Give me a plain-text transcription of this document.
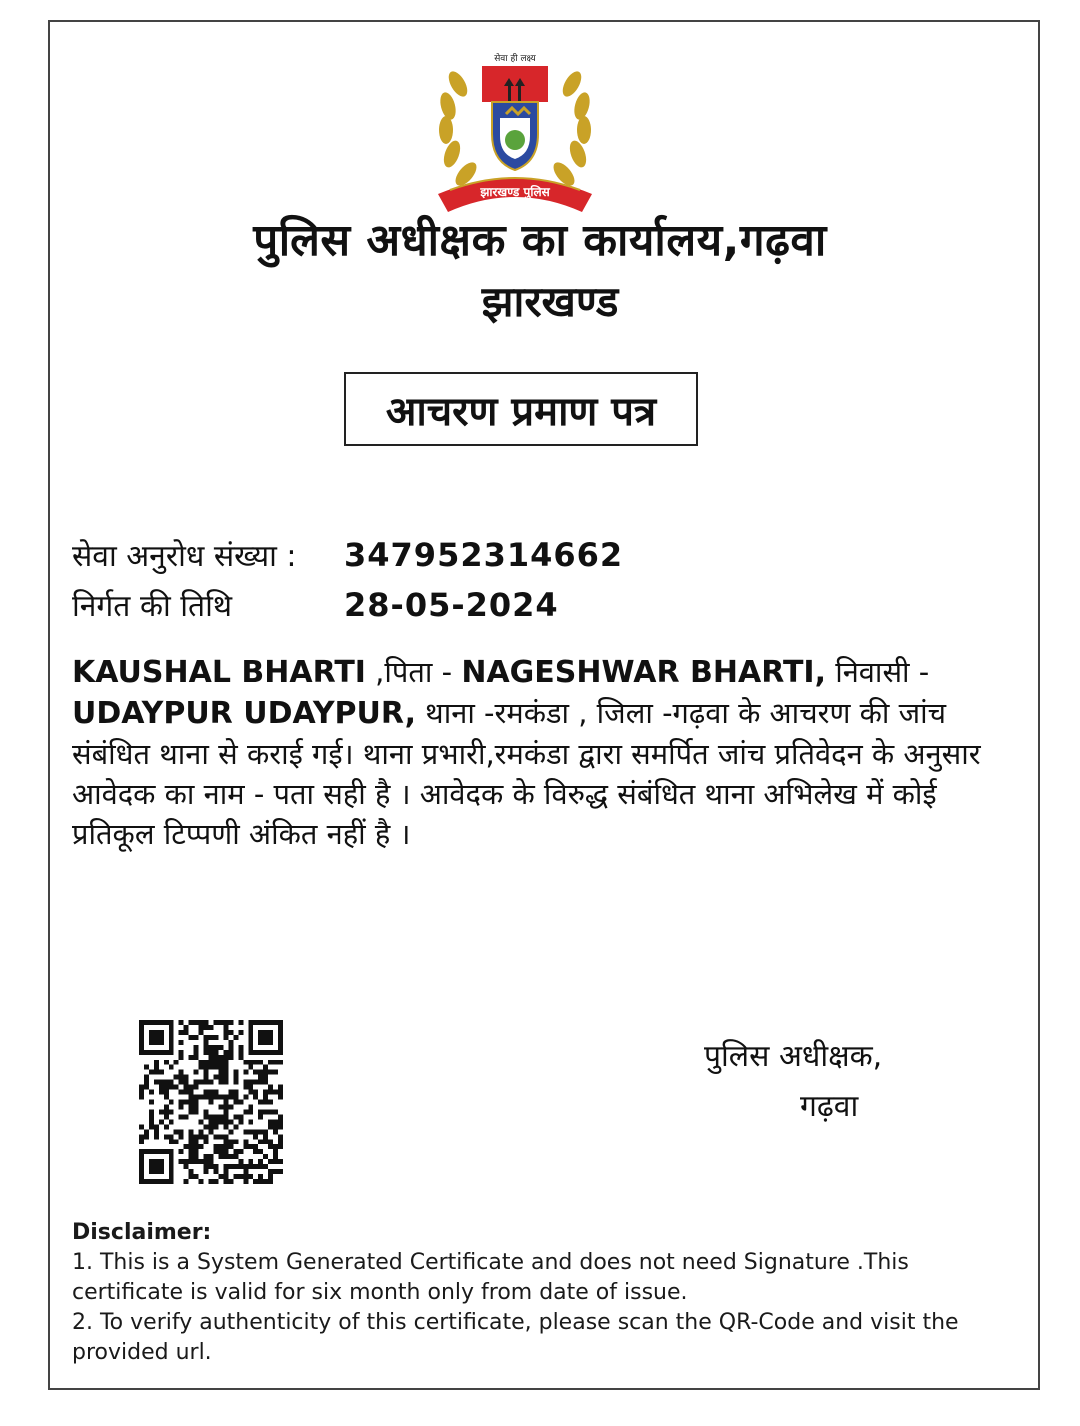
सेवा ही लक्ष्य
झारखण्ड पुलिस
पुलिस अधीक्षक का कार्यालय,गढ़वा
झारखण्ड
आचरण प्रमाण पत्र
सेवा अनुरोध संख्या : 347952314662
निर्गत की तिथि	28-05-2024
KAUSHAL BHARTI ,पिता - NAGESHWAR BHARTI, निवासी -
UDAYPUR UDAYPUR, थाना -रमकंडा , जिला -गढ़वा के आचरण की जांच संबंधित थाना से कराई गई। थाना प्रभारी,रमकंडा द्वारा समर्पित जांच प्रतिवेदन के अनुसार आवेदक का नाम - पता सही है । आवेदक के विरुद्ध संबंधित थाना अभिलेख में कोई प्रतिकूल टिप्पणी अंकित नहीं है ।
पुलिस अधीक्षक,
गढ़वा
Disclaimer:
1. This is a System Generated Certificate and does not need Signature .This certificate is valid for six month only from date of issue.
2. To verify authenticity of this certificate, please scan the QR-Code and visit the provided url.
